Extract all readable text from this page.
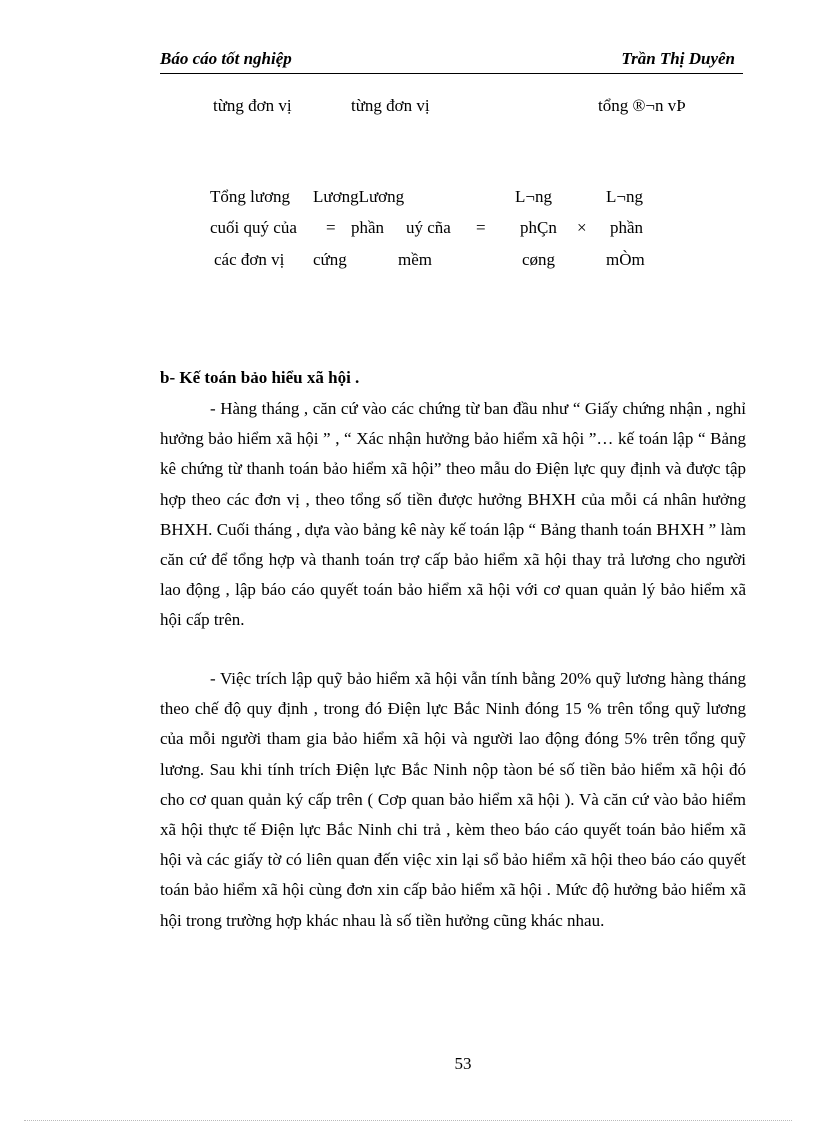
Báo cáo tốt nghiệp	Trần Thị Duyên
từng đơn vị	từng đơn vị	tổng ®¬n vÞ
Tổng lương LươngLương	L¬ng	L¬ng
cuối quý của = phần uý cña = phÇn × phần
các đơn vị cứng	mềm	cøng	mÒm
b- Kế toán bảo hiểu xã hội .

- Hàng tháng , căn cứ vào các chứng từ ban đầu như “ Giấy chứng nhận , nghỉ hưởng bảo hiểm xã hội ” , “ Xác nhận hưởng bảo hiểm xã hội ”… kế toán lập “ Bảng kê chứng từ thanh toán bảo hiểm xã hội” theo mẫu do Điện lực quy định và được tập hợp theo các đơn vị , theo tổng số tiền được hưởng BHXH của mỗi cá nhân hưởng BHXH. Cuối tháng , dựa vào bảng kê này kế toán lập “ Bảng thanh toán BHXH ” làm căn cứ để tổng hợp và thanh toán trợ cấp bảo hiểm xã hội thay trả lương cho người lao động , lập báo cáo quyết toán bảo hiểm xã hội với cơ quan quản lý bảo hiểm xã hội cấp trên.

- Việc trích lập quỹ bảo hiểm xã hội vẫn tính bằng 20% quỹ lương hàng tháng theo chế độ quy định , trong đó Điện lực Bắc Ninh đóng 15 % trên tổng quỹ lương của mỗi người tham gia bảo hiểm xã hội và người lao động đóng 5% trên tổng quỹ lương. Sau khi tính trích Điện lực Bắc Ninh nộp tàon bé số tiền bảo hiểm xã hội đó cho cơ quan quản ký cấp trên ( Cơp quan bảo hiểm xã hội ). Và căn cứ vào bảo hiểm xã hội thực tế Điện lực Bắc Ninh chi trả , kèm theo báo cáo quyết toán bảo hiểm xã hội và các giấy tờ có liên quan đến việc xin lại sổ bảo hiểm xã hội theo báo cáo quyết toán bảo hiểm xã hội cùng đơn xin cấp bảo hiểm xã hội . Mức độ hưởng bảo hiểm xã hội trong trường hợp khác nhau là số tiền hưởng cũng khác nhau.

53
